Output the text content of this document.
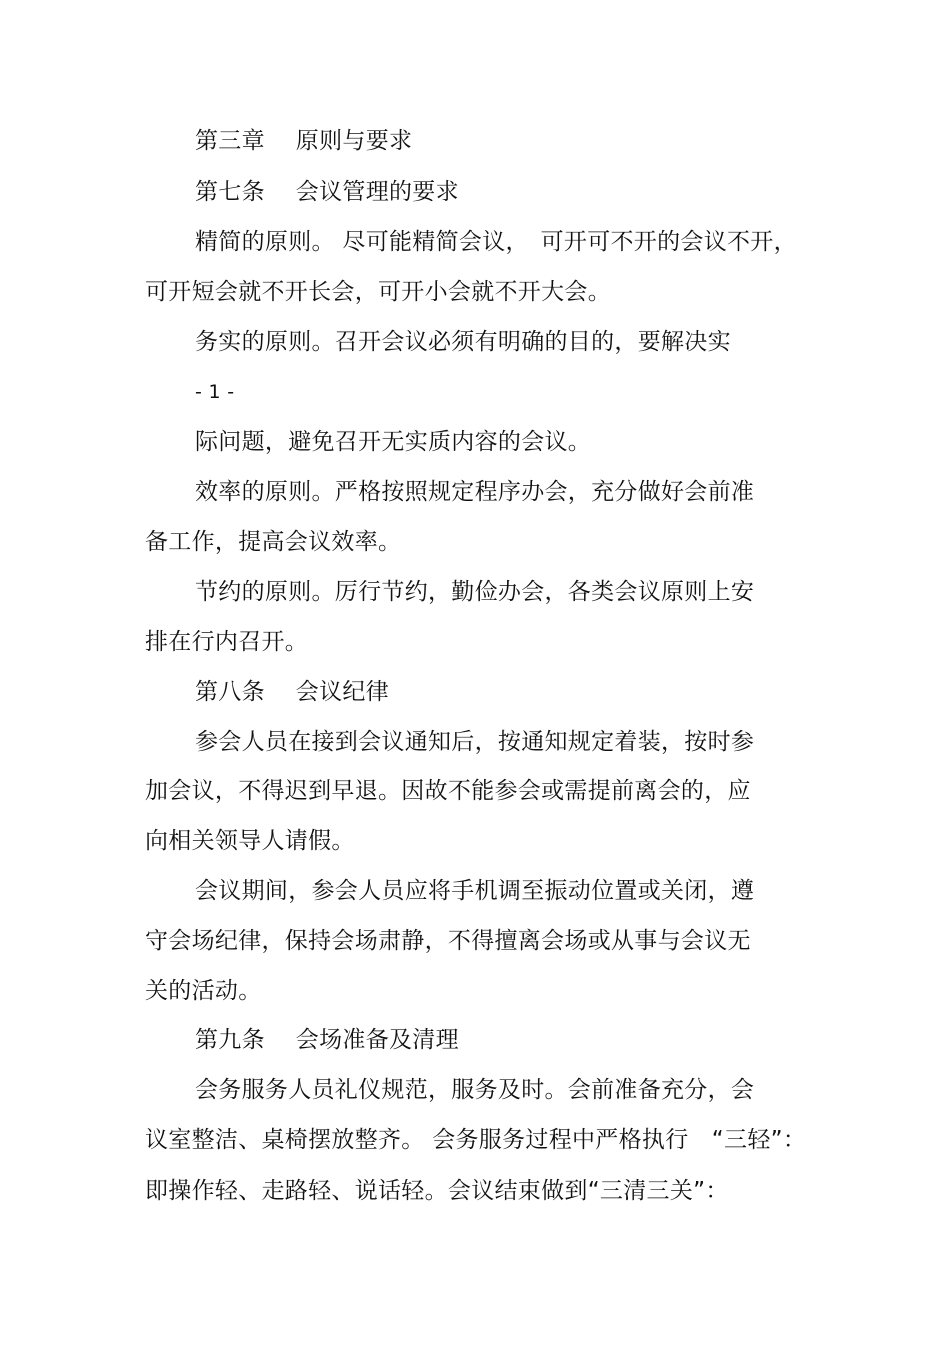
第三章　 原则与要求
第七条　 会议管理的要求
精简的原则。 尽可能精简会议，　可开可不开的会议不开，
可开短会就不开长会，可开小会就不开大会。
务实的原则。召开会议必须有明确的目的，要解决实
- 1 -
际问题，避免召开无实质内容的会议。
效率的原则。严格按照规定程序办会，充分做好会前准
备工作，提高会议效率。
节约的原则。厉行节约，勤俭办会，各类会议原则上安
排在行内召开。
第八条　 会议纪律
参会人员在接到会议通知后，按通知规定着装，按时参
加会议，不得迟到早退。因故不能参会或需提前离会的，应
向相关领导人请假。
会议期间，参会人员应将手机调至振动位置或关闭，遵
守会场纪律，保持会场肃静，不得擅离会场或从事与会议无
关的活动。
第九条　 会场准备及清理
会务服务人员礼仪规范，服务及时。会前准备充分，会
议室整洁、桌椅摆放整齐。 会务服务过程中严格执行　“三轻”：
即操作轻、走路轻、说话轻。会议结束做到“三清三关”：
